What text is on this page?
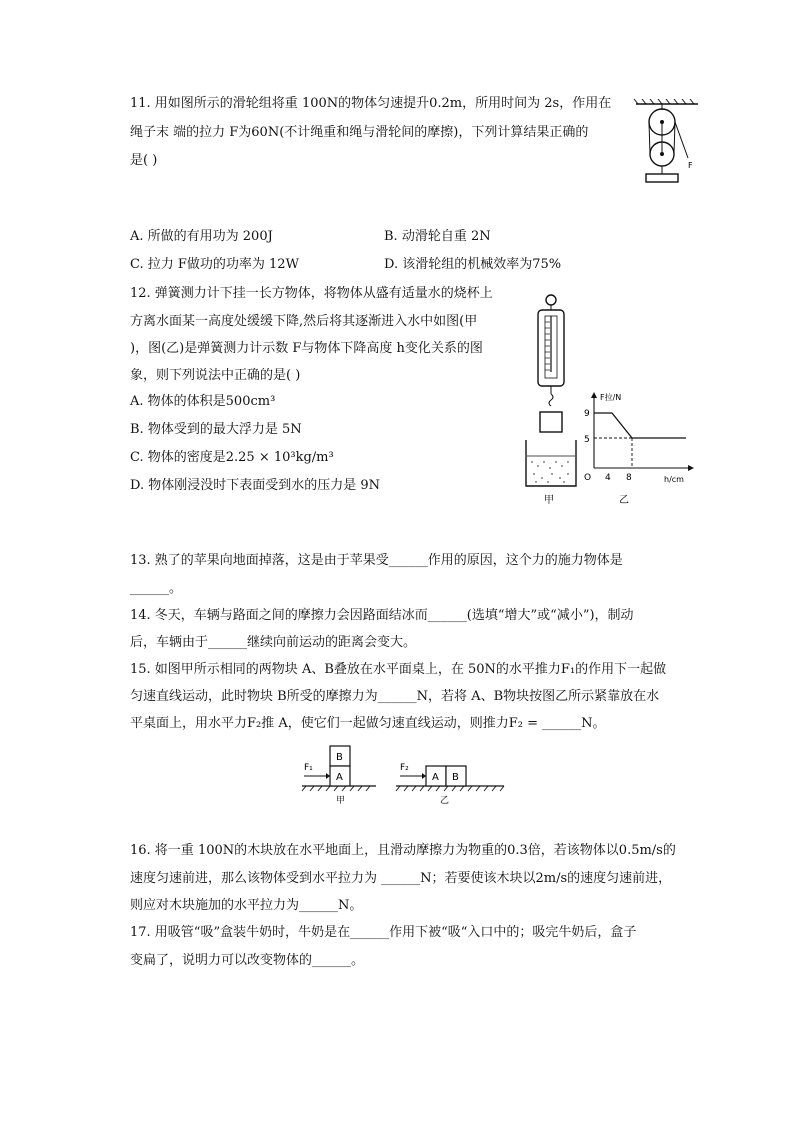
11. 用如图所示的滑轮组将重 100N的物体匀速提升0.2m，所用时间为 2s，作用在
绳子末 端的拉力 F为60N(不计绳重和绳与滑轮间的摩擦)，下列计算结果正确的
是( )	F
A. 所做的有用功为 200J	B. 动滑轮自重 2N
C. 拉力 F做功的功率为 12W	D. 该滑轮组的机械效率为75%
12. 弹簧测力计下挂一长方物体，将物体从盛有适量水的烧杯上
方离水面某一高度处缓缓下降,然后将其逐渐进入水中如图(甲
)，图(乙)是弹簧测力计示数 F与物体下降高度 h变化关系的图
象，则下列说法中正确的是( )
A. 物体的体积是500cm³
B. 物体受到的最大浮力是 5N
C. 物体的密度是2.25 × 10³kg/m³
D. 物体刚浸没时下表面受到水的压力是 9N
甲
F拉/N
h/cm
O
9
5
4 8
乙
13. 熟了的苹果向地面掉落，这是由于苹果受______作用的原因，这个力的施力物体是
______。
14. 冬天，车辆与路面之间的摩擦力会因路面结冰而______(选填“增大”或“减小”)，制动
后，车辆由于______继续向前运动的距离会变大。
15. 如图甲所示相同的两物块 A、B叠放在水平面桌上，在 50N的水平推力F₁的作用下一起做
匀速直线运动，此时物块 B所受的摩擦力为______N，若将 A、B物块按图乙所示紧靠放在水
平桌面上，用水平力F₂推 A，使它们一起做匀速直线运动，则推力F₂ = ______N。
B
A
F₁
甲
A B
F₂
乙
16. 将一重 100N的木块放在水平地面上，且滑动摩擦力为物重的0.3倍，若该物体以0.5m/s的
速度匀速前进，那么该物体受到水平拉力为 ______N；若要使该木块以2m/s的速度匀速前进，
则应对木块施加的水平拉力为______N。
17. 用吸管“吸”盒装牛奶时，牛奶是在______作用下被“吸“入口中的；吸完牛奶后，盒子
变扁了，说明力可以改变物体的______。
